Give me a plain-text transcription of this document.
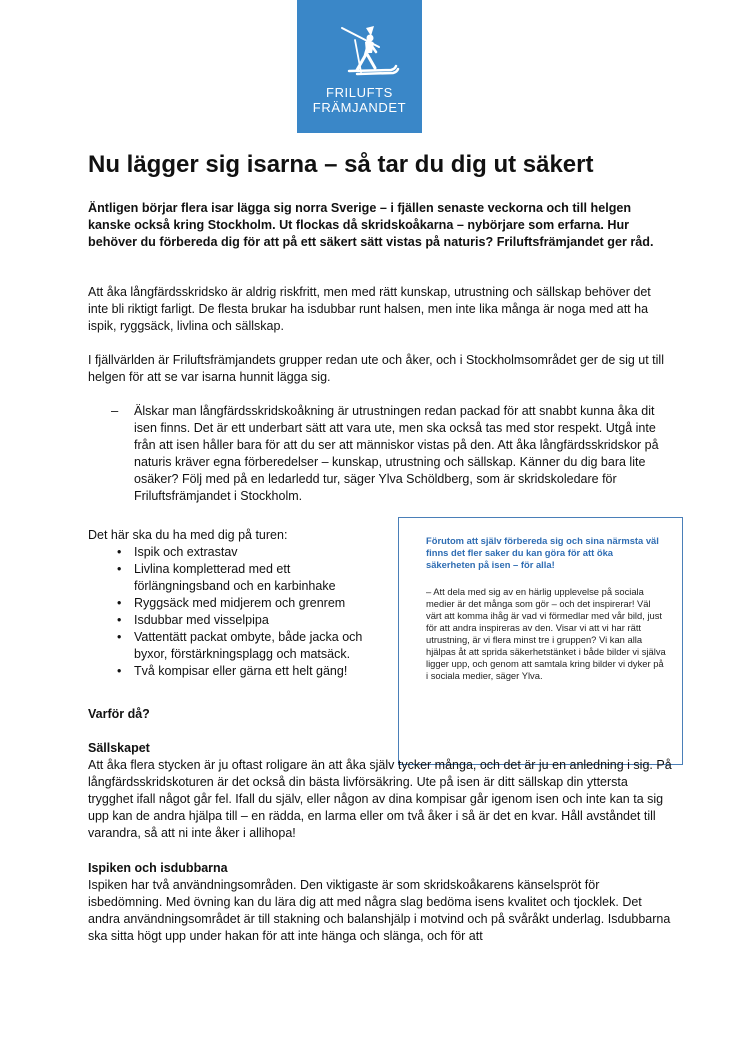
FRILUFTS
FRÄMJANDET
Nu lägger sig isarna – så tar du dig ut säkert

Äntligen börjar flera isar lägga sig norra Sverige – i fjällen senaste veckorna och till helgen kanske också kring Stockholm. Ut flockas då skridskoåkarna – nybörjare som erfarna. Hur behöver du förbereda dig för att på ett säkert sätt vistas på naturis? Friluftsfrämjandet ger råd.

Att åka långfärdsskridsko är aldrig riskfritt, men med rätt kunskap, utrustning och sällskap behöver det inte bli riktigt farligt. De flesta brukar ha isdubbar runt halsen, men inte lika många är noga med att ha ispik, ryggsäck, livlina och sällskap.

I fjällvärlden är Friluftsfrämjandets grupper redan ute och åker, och i Stockholmsområdet ger de sig ut till helgen för att se var isarna hunnit lägga sig.

– Älskar man långfärdsskridskoåkning är utrustningen redan packad för att snabbt kunna åka dit isen finns. Det är ett underbart sätt att vara ute, men ska också tas med stor respekt. Utgå inte från att isen håller bara för att du ser att människor vistas på den. Att åka långfärdsskridskor på naturis kräver egna förberedelser – kunskap, utrustning och sällskap. Känner du dig bara lite osäker? Följ med på en ledarledd tur, säger Ylva Schöldberg, som är skridskoledare för Friluftsfrämjandet i Stockholm.

Det här ska du ha med dig på turen:

• Ispik och extrastav
• Livlina kompletterad med ett förlängningsband och en karbinhake
• Ryggsäck med midjerem och grenrem
• Isdubbar med visselpipa
• Vattentätt packat ombyte, både jacka och byxor, förstärkningsplagg och matsäck.
• Två kompisar eller gärna ett helt gäng!

Förutom att själv förbereda sig och sina närmsta väl finns det fler saker du kan göra för att öka säkerheten på isen – för alla!

– Att dela med sig av en härlig upplevelse på sociala medier är det många som gör – och det inspirerar! Väl värt att komma ihåg är vad vi förmedlar med vår bild, just för att andra inspireras av den. Visar vi att vi har rätt utrustning, är vi flera minst tre i gruppen? Vi kan alla hjälpas åt att sprida säkerhetstänket i både bilder vi själva ligger upp, och genom att samtala kring bilder vi dyker på i sociala medier, säger Ylva.

Varför då?

Sällskapet

Att åka flera stycken är ju oftast roligare än att åka själv tycker många, och det är ju en anledning i sig. På långfärdsskridskoturen är det också din bästa livförsäkring. Ute på isen är ditt sällskap din yttersta trygghet ifall något går fel. Ifall du själv, eller någon av dina kompisar går igenom isen och inte kan ta sig upp kan de andra hjälpa till – en rädda, en larma eller om två åker i så är det en kvar. Håll avståndet till varandra, så att ni inte åker i allihopa!

Ispiken och isdubbarna

Ispiken har två användningsområden. Den viktigaste är som skridskoåkarens känselspröt för isbedömning. Med övning kan du lära dig att med några slag bedöma isens kvalitet och tjocklek. Det andra användningsområdet är till stakning och balanshjälp i motvind och på svåråkt underlag. Isdubbarna ska sitta högt upp under hakan för att inte hänga och slänga, och för att
